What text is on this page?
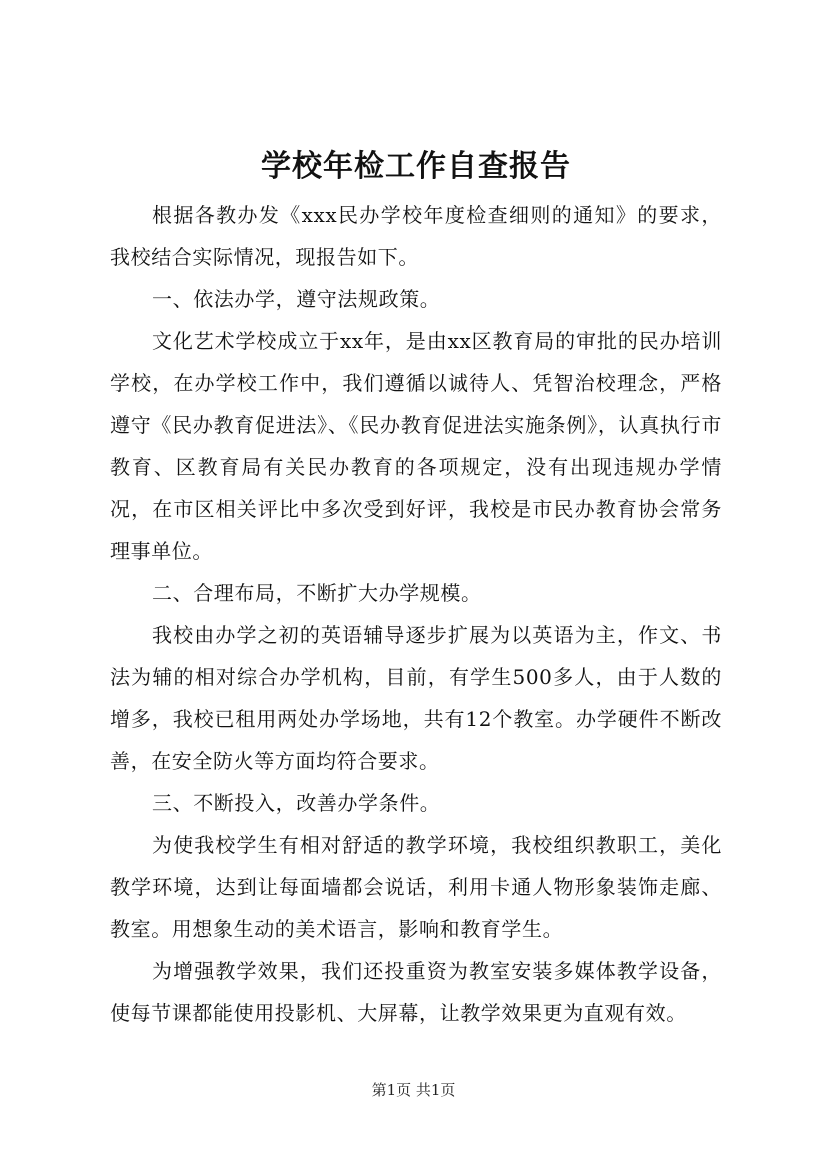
学校年检工作自查报告

根据各教办发《xxx民办学校年度检查细则的通知》的要求，我校结合实际情况，现报告如下。

一、依法办学，遵守法规政策。

文化艺术学校成立于xx年，是由xx区教育局的审批的民办培训学校，在办学校工作中，我们遵循以诚待人、凭智治校理念，严格遵守《民办教育促进法》、《民办教育促进法实施条例》，认真执行市教育、区教育局有关民办教育的各项规定，没有出现违规办学情况，在市区相关评比中多次受到好评，我校是市民办教育协会常务理事单位。

二、合理布局，不断扩大办学规模。

我校由办学之初的英语辅导逐步扩展为以英语为主，作文、书法为辅的相对综合办学机构，目前，有学生500多人，由于人数的增多，我校已租用两处办学场地，共有12个教室。办学硬件不断改善，在安全防火等方面均符合要求。

三、不断投入，改善办学条件。

为使我校学生有相对舒适的教学环境，我校组织教职工，美化教学环境，达到让每面墙都会说话，利用卡通人物形象装饰走廊、教室。用想象生动的美术语言，影响和教育学生。

为增强教学效果，我们还投重资为教室安装多媒体教学设备，使每节课都能使用投影机、大屏幕，让教学效果更为直观有效。

第1页 共1页
